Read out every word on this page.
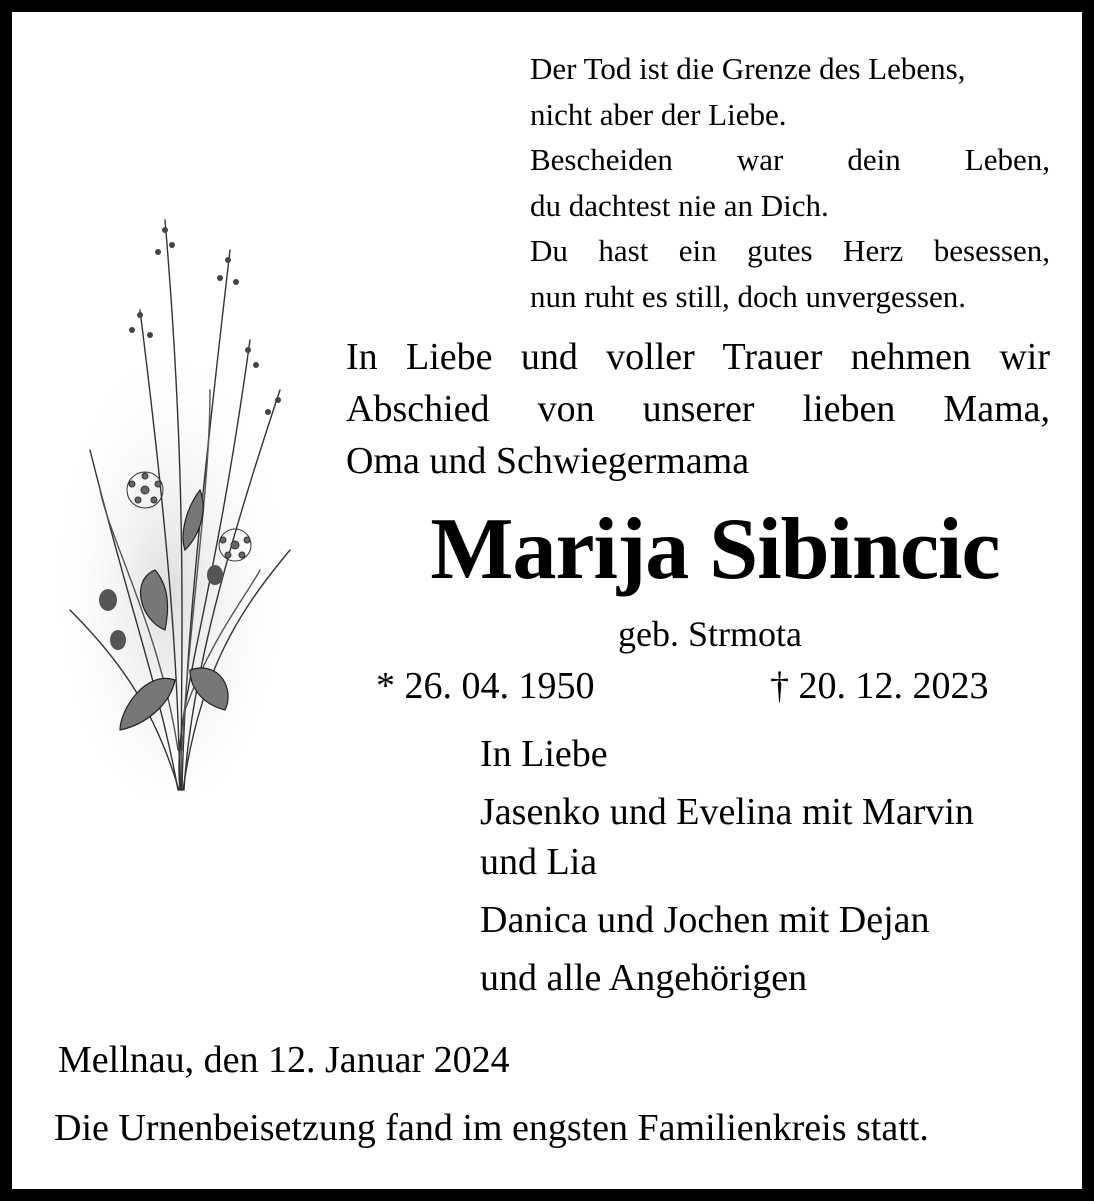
Der Tod ist die Grenze des Lebens,
nicht aber der Liebe.
Bescheiden war dein Leben,
du dachtest nie an Dich.
Du hast ein gutes Herz besessen,
nun ruht es still, doch unvergessen.
In Liebe und voller Trauer nehmen wir
Abschied von unserer lieben Mama,
Oma und Schwiegermama
Marija Sibincic
geb. Strmota
* 26. 04. 1950	† 20. 12. 2023
In Liebe
Jasenko und Evelina mit Marvin
und Lia
Danica und Jochen mit Dejan
und alle Angehörigen
Mellnau, den 12. Januar 2024
Die Urnenbeisetzung fand im engsten Familienkreis statt.
